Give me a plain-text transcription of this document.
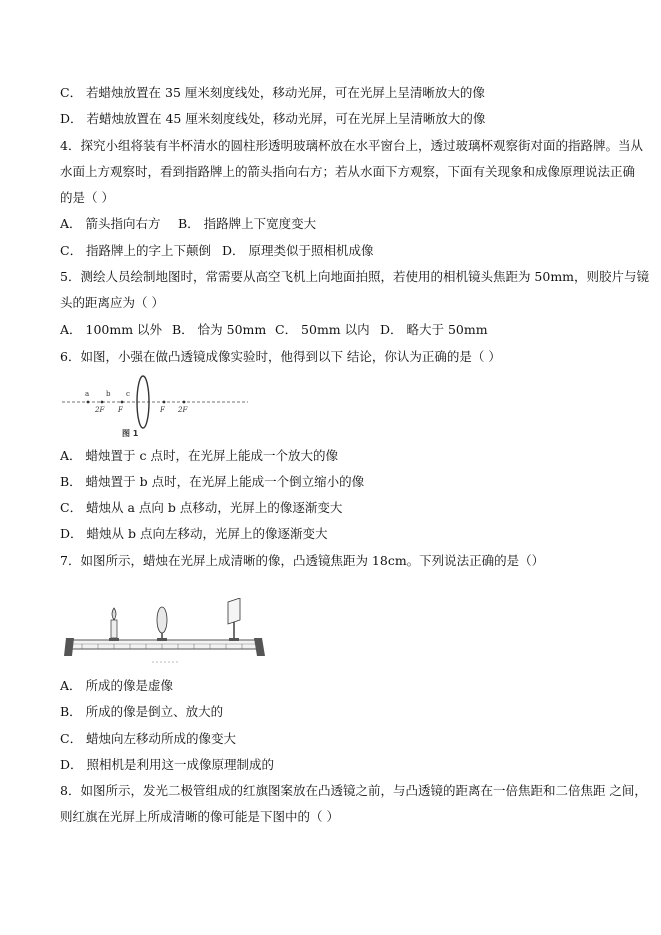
C． 若蜡烛放置在 35 厘米刻度线处，移动光屏，可在光屏上呈清晰放大的像
D． 若蜡烛放置在 45 厘米刻度线处，移动光屏，可在光屏上呈清晰放大的像
4．探究小组将装有半杯清水的圆柱形透明玻璃杯放在水平窗台上，透过玻璃杯观察街对面的指路牌。当从
水面上方观察时，看到指路牌上的箭头指向右方；若从水面下方观察，下面有关现象和成像原理说法正确
的是（ ）
A． 箭头指向右方 B． 指路牌上下宽度变大
C． 指路牌上的字上下颠倒 D． 原理类似于照相机成像
5．测绘人员绘制地图时，常需要从高空飞机上向地面拍照，若使用的相机镜头焦距为 50mm，则胶片与镜
头的距离应为（ ）
A． 100mm 以外 B． 恰为 50mm C． 50mm 以内 D． 略大于 50mm
6．如图，小强在做凸透镜成像实验时，他得到以下 结论，你认为正确的是（ ）
a b c
2F F	F 2F
图 1
A． 蜡烛置于 c 点时，在光屏上能成一个放大的像
B． 蜡烛置于 b 点时，在光屏上能成一个倒立缩小的像
C． 蜡烛从 a 点向 b 点移动，光屏上的像逐渐变大
D． 蜡烛从 b 点向左移动，光屏上的像逐渐变大
7．如图所示，蜡烛在光屏上成清晰的像，凸透镜焦距为 18cm。下列说法正确的是（）
A． 所成的像是虚像
B． 所成的像是倒立、放大的
C． 蜡烛向左移动所成的像变大
D． 照相机是利用这一成像原理制成的
8．如图所示，发光二极管组成的红旗图案放在凸透镜之前，与凸透镜的距离在一倍焦距和二倍焦距 之间，
则红旗在光屏上所成清晰的像可能是下图中的（ ）
